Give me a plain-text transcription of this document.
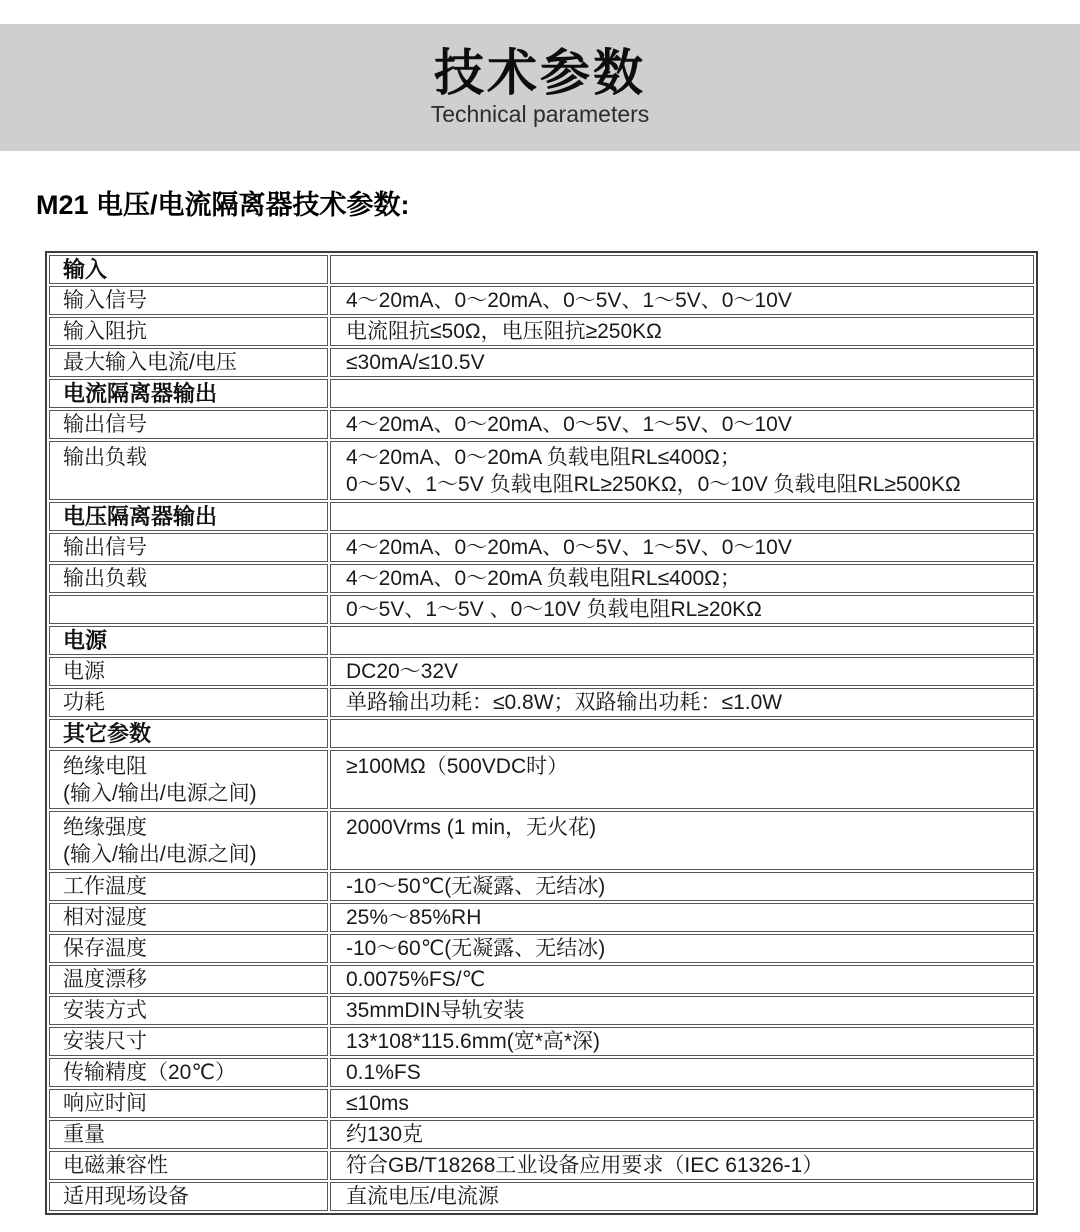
技术参数

Technical parameters

M21 电压/电流隔离器技术参数:
输入	

输入信号	4～20mA、0～20mA、0～5V、1～5V、0～10V

输入阻抗	电流阻抗≤50Ω，电压阻抗≥250KΩ

最大输入电流/电压	≤30mA/≤10.5V

电流隔离器输出	

输出信号	4～20mA、0～20mA、0～5V、1～5V、0～10V

输出负载	4～20mA、0～20mA 负载电阻RL≤400Ω；
0～5V、1～5V 负载电阻RL≥250KΩ，0～10V 负载电阻RL≥500KΩ

电压隔离器输出	

输出信号	4～20mA、0～20mA、0～5V、1～5V、0～10V

输出负载	4～20mA、0～20mA 负载电阻RL≤400Ω；

	0～5V、1～5V 、0～10V 负载电阻RL≥20KΩ

电源	

电源	DC20～32V

功耗	单路输出功耗：≤0.8W；双路输出功耗：≤1.0W

其它参数	

绝缘电阻
(输入/输出/电源之间)	≥100MΩ（500VDC时）

绝缘强度
(输入/输出/电源之间)	2000Vrms (1 min，无火花)

工作温度	-10～50℃(无凝露、无结冰)

相对湿度	25%～85%RH

保存温度	-10～60℃(无凝露、无结冰)

温度漂移	0.0075%FS/℃

安装方式	35mmDIN导轨安装

安装尺寸	13*108*115.6mm(宽*高*深)

传输精度（20℃）	0.1%FS

响应时间	≤10ms

重量	约130克

电磁兼容性	符合GB/T18268工业设备应用要求（IEC 61326-1）

适用现场设备	直流电压/电流源
